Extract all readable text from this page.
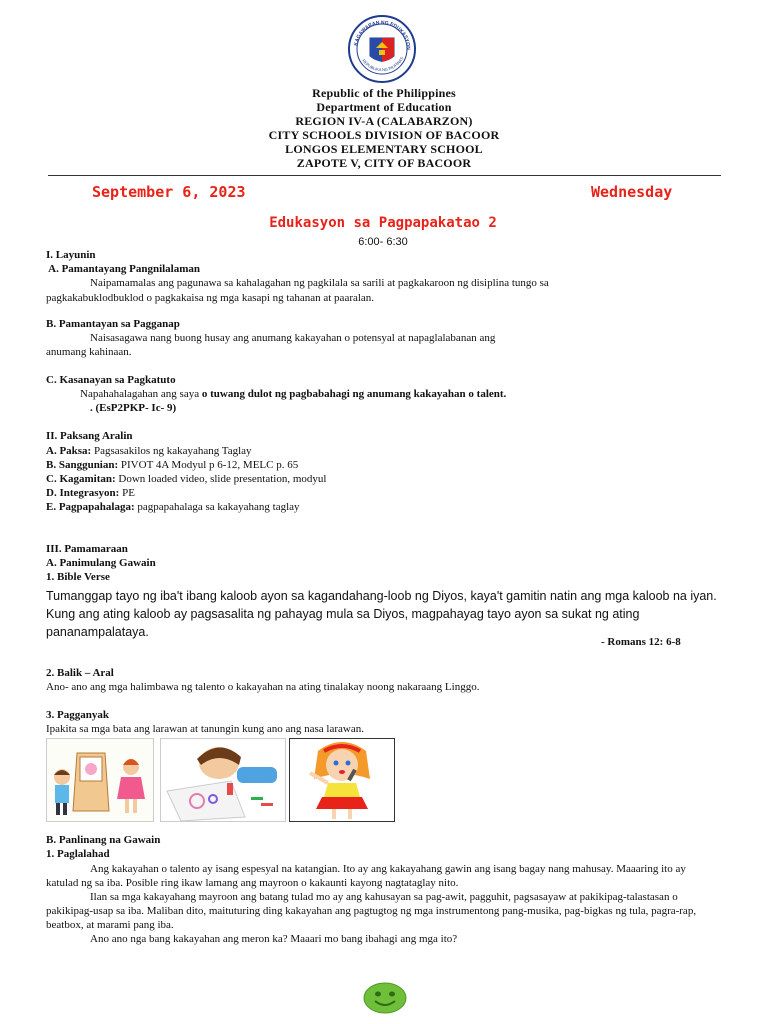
KAGAWARAN NG EDUKASYON
REPUBLIKA NG PILIPINAS
Republic of the Philippines
Department of Education
REGION IV-A (CALABARZON)
CITY SCHOOLS DIVISION OF BACOOR
LONGOS ELEMENTARY SCHOOL
ZAPOTE V, CITY OF BACOOR
September 6, 2023	Wednesday
Edukasyon sa Pagpapakatao 2
6:00- 6:30
I. Layunin
A. Pamantayang Pangnilalaman
Naipamamalas ang pagunawa sa kahalagahan ng pagkilala sa sarili at pagkakaroon ng disiplina tungo sa pagkakabuklodbuklod o pagkakaisa ng mga kasapi ng tahanan at paaralan.
B. Pamantayan sa Pagganap
Naisasagawa nang buong husay ang anumang kakayahan o potensyal at napaglalabanan ang
anumang kahinaan.
C. Kasanayan sa Pagkatuto
Napahahalagahan ang saya o tuwang dulot ng pagbabahagi ng anumang kakayahan o talent.
. (EsP2PKP- Ic- 9)
II. Paksang Aralin
A. Paksa: Pagsasakilos ng kakayahang Taglay
B. Sanggunian: PIVOT 4A Modyul p 6-12, MELC p. 65
C. Kagamitan: Down loaded video, slide presentation, modyul
D. Integrasyon: PE
E. Pagpapahalaga: pagpapahalaga sa kakayahang taglay
III. Pamamaraan
A. Panimulang Gawain
1. Bible Verse
Tumanggap tayo ng iba't ibang kaloob ayon sa kagandahang-loob ng Diyos, kaya't gamitin natin ang mga kaloob na iyan. Kung ang ating kaloob ay pagsasalita ng pahayag mula sa Diyos, magpahayag tayo ayon sa sukat ng ating pananampalataya.
- Romans 12: 6-8
2. Balik – Aral
Ano- ano ang mga halimbawa ng talento o kakayahan na ating tinalakay noong nakaraang Linggo.
3. Pagganyak
Ipakita sa mga bata ang larawan at tanungin kung ano ang nasa larawan.
B. Panlinang na Gawain
1. Paglalahad
Ang kakayahan o talento ay isang espesyal na katangian. Ito ay ang kakayahang gawin ang isang bagay nang mahusay. Maaaring ito ay katulad ng sa iba. Posible ring ikaw lamang ang mayroon o kakaunti kayong nagtataglay nito.
Ilan sa mga kakayahang mayroon ang batang tulad mo ay ang kahusayan sa pag-awit, pagguhit, pagsasayaw at pakikipag-talastasan o pakikipag-usap sa iba. Maliban dito, maituturing ding kakayahan ang pagtugtog ng mga instrumentong pang-musika, pag-bigkas ng tula, pagra-rap, beatbox, at marami pang iba.
Ano ano nga bang kakayahan ang meron ka? Maaari mo bang ibahagi ang mga ito?
